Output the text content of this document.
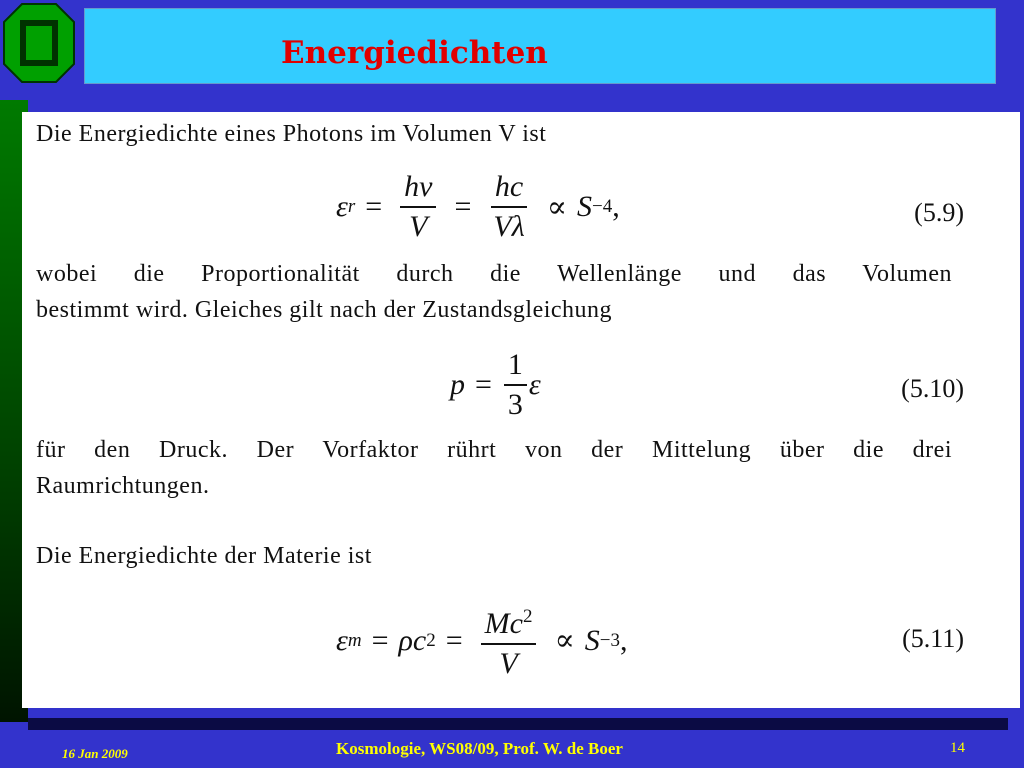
Energiedichten
Die Energiedichte eines Photons im Volumen V ist
ε $r = \frac{h\nu}{V} = \frac{hc}{V\lambda} \propto S -4$ ,	(5.9)
wobei die Proportionalität durch die Wellenlänge und das Volumen
bestimmt wird. Gleiches gilt nach der Zustandsgleichung
$p = \frac{1}{3}$ ε	(5.10)
für den Druck. Der Vorfaktor rührt von der Mittelung über die drei
Raumrichtungen.
Die Energiedichte der Materie ist
ε m = ρc $2 = \frac{Mc^2}{V} \propto S -3$ ,	(5.11)
16 Jan 2009	Kosmologie, WS08/09, Prof. W. de Boer	14
